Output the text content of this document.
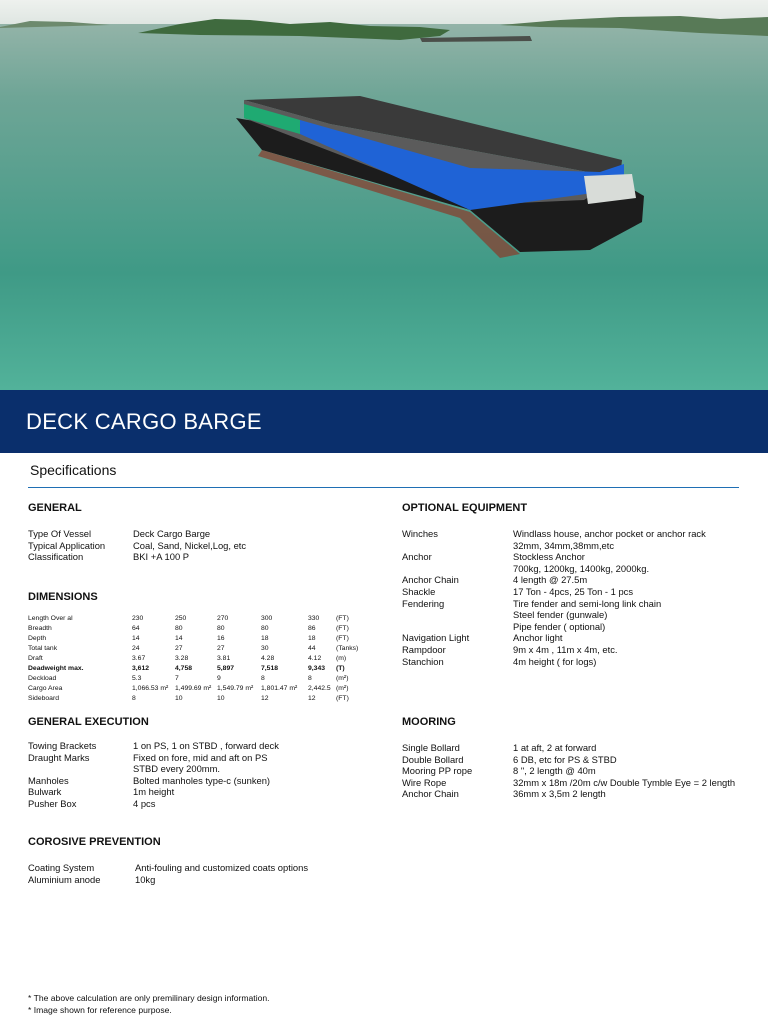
DECK CARGO BARGE
Specifications
GENERAL
Type Of Vessel	Deck Cargo Barge
Typical Application	Coal, Sand, Nickel,Log, etc
Classification	BKI +A 100 P
DIMENSIONS
Length Over al	230	250	270	300	330 (FT)
Breadth	64	80	80	80	86	(FT)
Depth	14	14	16	18	18	(FT)
Total tank	24	27	27	30	44	(Tanks)
Draft	3.67	3.28	3.81	4.28	4.12 (m)
Deadweight max.	3,612	4,758	5,897	7,518	9,343 (T)
Deckload	5.3	7	9	8	8	(m²)
Cargo Area	1,066.53 m² 1,499.69 m² 1,549.79 m² 1,801.47 m² 2,442.5 (m²)
Sideboard	8	10	10	12	12	(FT)
GENERAL EXECUTION
Towing Brackets	1 on PS, 1 on STBD , forward deck
Draught Marks	Fixed on fore, mid and aft on PS
STBD every 200mm.
Manholes	Bolted manholes type-c (sunken)
Bulwark	1m height
Pusher Box	4 pcs
COROSIVE PREVENTION
Coating System	Anti-fouling and customized coats options
Aluminium anode	10kg
OPTIONAL EQUIPMENT
Winches	Windlass house, anchor pocket or anchor rack
32mm, 34mm,38mm,etc
Anchor	Stockless Anchor
700kg, 1200kg, 1400kg, 2000kg.
Anchor Chain	4 length @ 27.5m
Shackle	17 Ton - 4pcs, 25 Ton - 1 pcs
Fendering	Tire fender and semi-long link chain
Steel fender (gunwale)
Pipe fender ( optional)
Navigation Light	Anchor light
Rampdoor	9m x 4m , 11m x 4m, etc.
Stanchion	4m height ( for logs)
MOORING
Single Bollard	1 at aft, 2 at forward
Double Bollard	6 DB, etc for PS & STBD
Mooring PP rope	8 ", 2 length @ 40m
Wire Rope	32mm x 18m /20m c/w Double Tymble Eye = 2 length
Anchor Chain	36mm x 3,5m 2 length
* The above calculation are only premilinary design information.
* Image shown for reference purpose.
